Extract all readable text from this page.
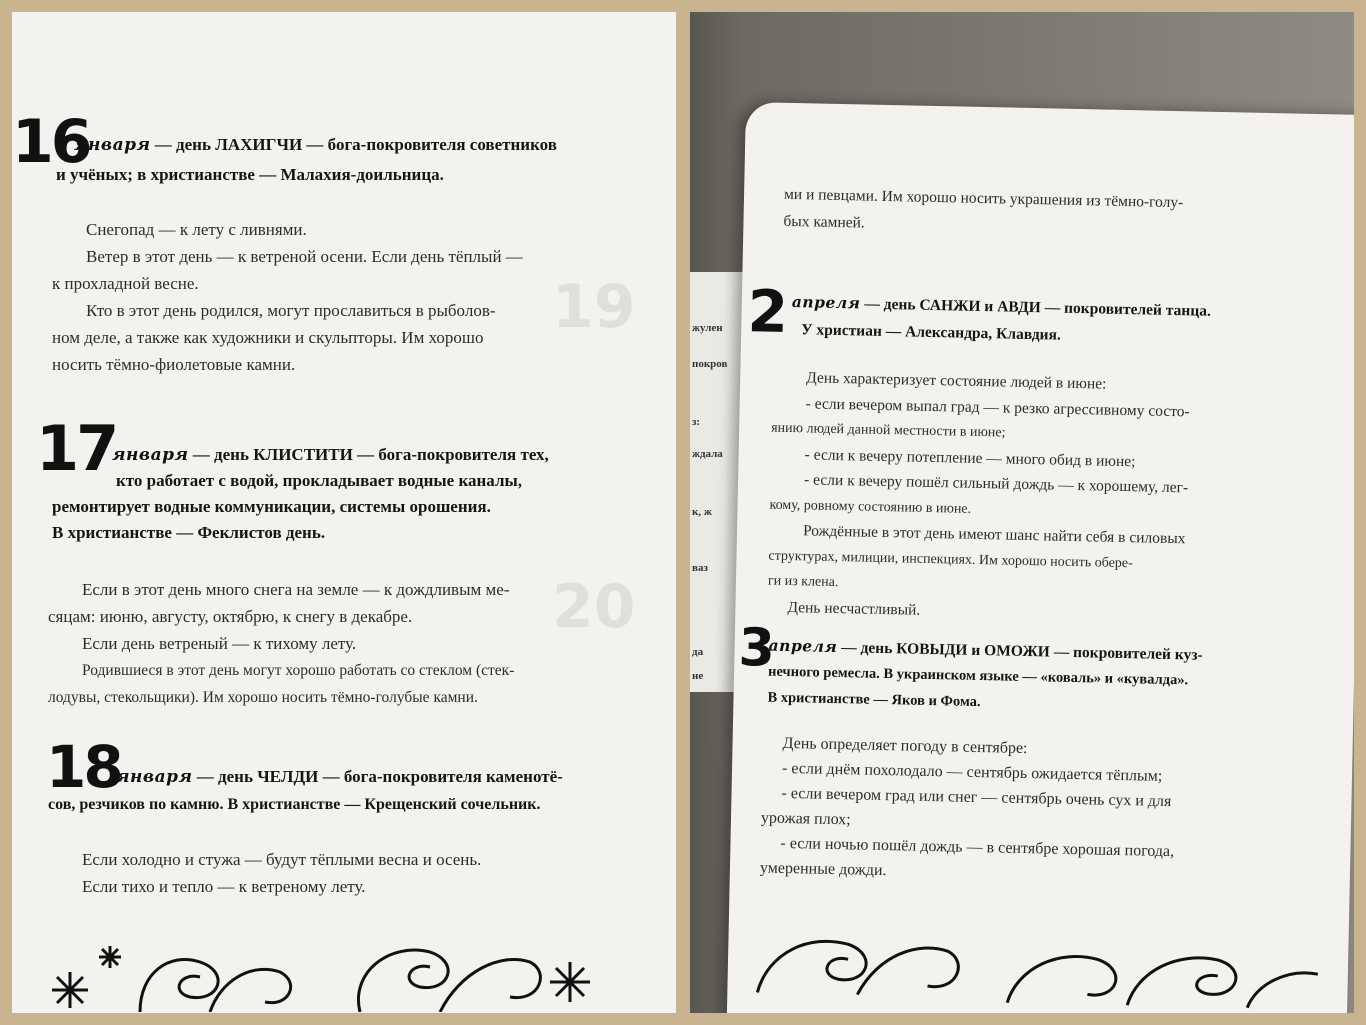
19
20
16
января — день ЛАХИГЧИ — бога-покровителя советников
и учёных; в христианстве — Малахия-доильница.
Снегопад — к лету с ливнями.
Ветер в этот день — к ветреной осени. Если день тёплый —
к прохладной весне.
Кто в этот день родился, могут прославиться в рыболов-
ном деле, а также как художники и скульпторы. Им хорошо
носить тёмно-фиолетовые камни.
17
января — день КЛИСТИТИ — бога-покровителя тех,
кто работает с водой, прокладывает водные каналы,
ремонтирует водные коммуникации, системы орошения.
В христианстве — Феклистов день.
Если в этот день много снега на земле — к дождливым ме-
сяцам: июню, августу, октябрю, к снегу в декабре.
Если день ветреный — к тихому лету.
Родившиеся в этот день могут хорошо работать со стеклом (стек-
лодувы, стекольщики). Им хорошо носить тёмно-голубые камни.
18
января — день ЧЕЛДИ — бога-покровителя каменотё-
сов, резчиков по камню. В христианстве — Крещенский сочельник.
Если холодно и стужа — будут тёплыми весна и осень.
Если тихо и тепло — к ветреному лету.
жулен
покров
з:
ждала
к, ж
ваз
да
не
ми и певцами. Им хорошо носить украшения из тёмно-голу-
бых камней.
2 апреля — день САНЖИ и АВДИ — покровителей танца.
У христиан — Александра, Клавдия.
День характеризует состояние людей в июне:
- если вечером выпал град — к резко агрессивному состо-
янию людей данной местности в июне;
- если к вечеру потепление — много обид в июне;
- если к вечеру пошёл сильный дождь — к хорошему, лег-
кому, ровному состоянию в июне.
Рождённые в этот день имеют шанс найти себя в силовых
структурах, милиции, инспекциях. Им хорошо носить обере-
ги из клена.
День несчастливый.
3
апреля — день КОВЫДИ и ОМОЖИ — покровителей куз-
нечного ремесла. В украинском языке — «коваль» и «кувалда».
В христианстве — Яков и Фома.
День определяет погоду в сентябре:
- если днём похолодало — сентябрь ожидается тёплым;
- если вечером град или снег — сентябрь очень сух и для
урожая плох;
- если ночью пошёл дождь — в сентябре хорошая погода,
умеренные дожди.
